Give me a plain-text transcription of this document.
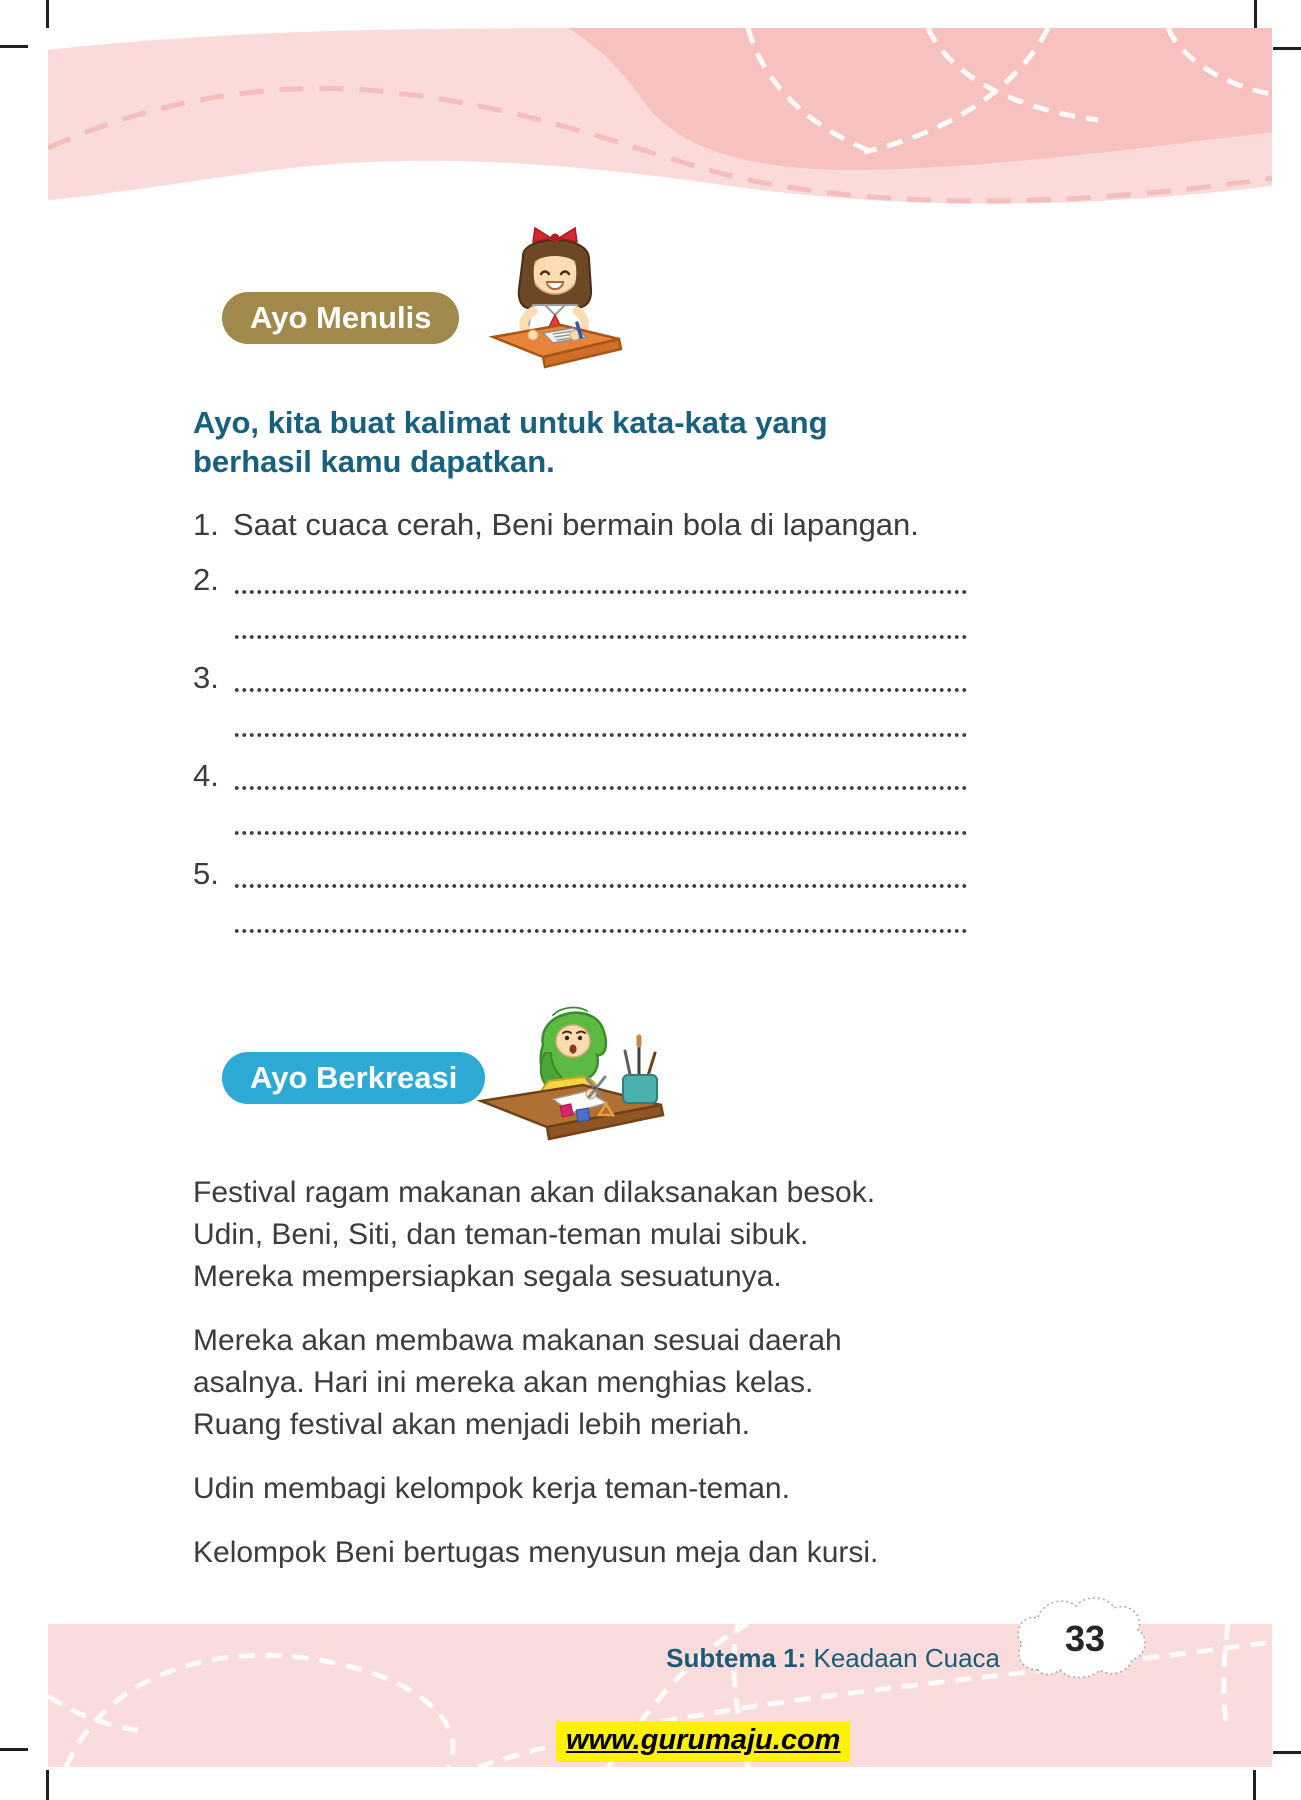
Ayo Menulis
Ayo, kita buat kalimat untuk kata-kata yang
berhasil kamu dapatkan.
1. Saat cuaca cerah, Beni bermain bola di lapangan.
2.
3.
4.
5.
Ayo Berkreasi

Festival ragam makanan akan dilaksanakan besok.
Udin, Beni, Siti, dan teman-teman mulai sibuk.
Mereka mempersiapkan segala sesuatunya.

Mereka akan membawa makanan sesuai daerah
asalnya. Hari ini mereka akan menghias kelas.
Ruang festival akan menjadi lebih meriah.

Udin membagi kelompok kerja teman-teman.

Kelompok Beni bertugas menyusun meja dan kursi.

Subtema 1: Keadaan Cuaca 33
www.gurumaju.com
